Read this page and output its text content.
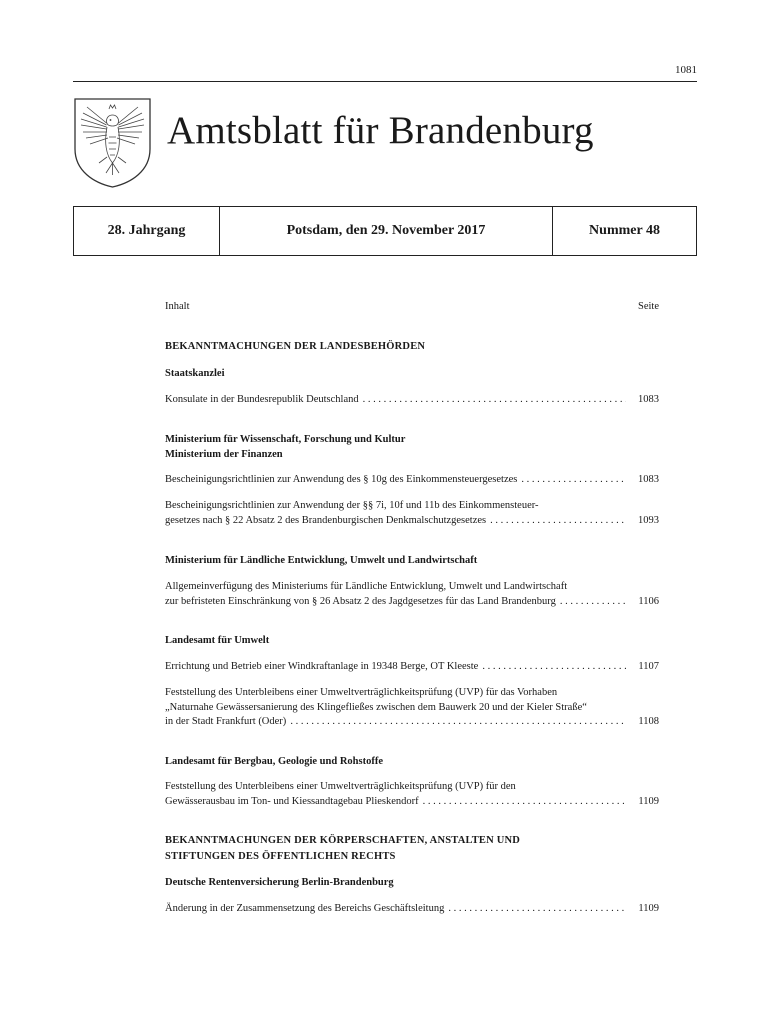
1081
Amtsblatt für Brandenburg
28. Jahrgang	Potsdam, den 29. November 2017	Nummer 48
Inhalt	Seite
BEKANNTMACHUNGEN DER LANDESBEHÖRDEN
Staatskanzlei
Konsulate in der Bundesrepublik Deutschland . . .	1083
Ministerium für Wissenschaft, Forschung und Kultur
Ministerium der Finanzen
Bescheinigungsrichtlinien zur Anwendung des § 10g des Einkommensteuergesetzes . . .	1083
Bescheinigungsrichtlinien zur Anwendung der §§ 7i, 10f und 11b des Einkommensteuer-
gesetzes nach § 22 Absatz 2 des Brandenburgischen Denkmalschutzgesetzes . . .	1093
Ministerium für Ländliche Entwicklung, Umwelt und Landwirtschaft
Allgemeinverfügung des Ministeriums für Ländliche Entwicklung, Umwelt und Landwirtschaft
zur befristeten Einschränkung von § 26 Absatz 2 des Jagdgesetzes für das Land Brandenburg . . .	1106
Landesamt für Umwelt
Errichtung und Betrieb einer Windkraftanlage in 19348 Berge, OT Kleeste . . .	1107
Feststellung des Unterbleibens einer Umweltverträglichkeitsprüfung (UVP) für das Vorhaben
„Naturnahe Gewässersanierung des Klingefließes zwischen dem Bauwerk 20 und der Kieler Straße“
in der Stadt Frankfurt (Oder) . . .	1108
Landesamt für Bergbau, Geologie und Rohstoffe
Feststellung des Unterbleibens einer Umweltverträglichkeitsprüfung (UVP) für den
Gewässerausbau im Ton- und Kiessandtagebau Plieskendorf . . .	1109
BEKANNTMACHUNGEN DER KÖRPERSCHAFTEN, ANSTALTEN UND
STIFTUNGEN DES ÖFFENTLICHEN RECHTS
Deutsche Rentenversicherung Berlin-Brandenburg
Änderung in der Zusammensetzung des Bereichs Geschäftsleitung . . .	1109
